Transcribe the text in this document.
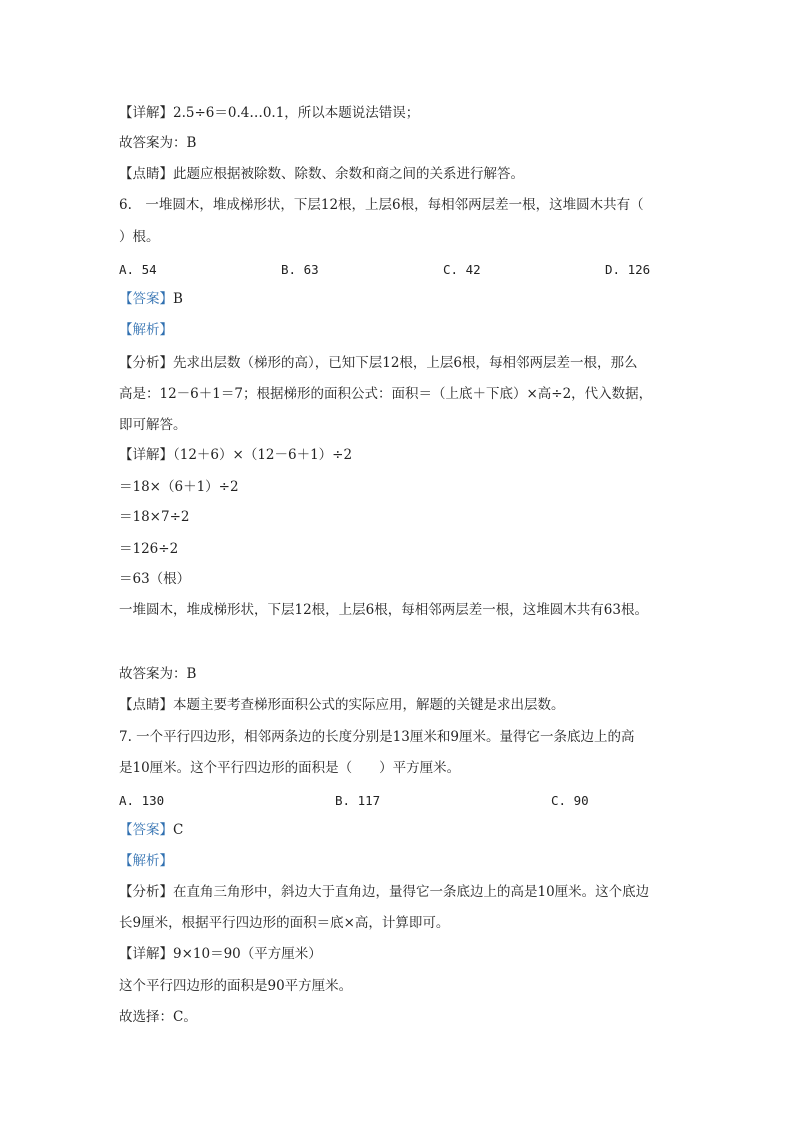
【详解】2.5÷6＝0.4…0.1，所以本题说法错误；
故答案为：B
【点睛】此题应根据被除数、除数、余数和商之间的关系进行解答。
6.　一堆圆木，堆成梯形状，下层12根，上层6根，每相邻两层差一根，这堆圆木共有（
）根。
A. 54	B. 63	C. 42	D. 126
【答案】B
【解析】
【分析】先求出层数（梯形的高），已知下层12根，上层6根，每相邻两层差一根，那么
高是：12－6＋1＝7；根据梯形的面积公式：面积＝（上底＋下底）×高÷2，代入数据，
即可解答。
【详解】（12＋6）×（12－6＋1）÷2
＝18×（6＋1）÷2
＝18×7÷2
＝126÷2
＝63（根）
一堆圆木，堆成梯形状，下层12根，上层6根，每相邻两层差一根，这堆圆木共有63根。
故答案为：B
【点睛】本题主要考查梯形面积公式的实际应用，解题的关键是求出层数。
7. 一个平行四边形，相邻两条边的长度分别是13厘米和9厘米。量得它一条底边上的高
是10厘米。这个平行四边形的面积是（　　）平方厘米。
A. 130	B. 117	C. 90
【答案】C
【解析】
【分析】在直角三角形中，斜边大于直角边，量得它一条底边上的高是10厘米。这个底边
长9厘米，根据平行四边形的面积＝底×高，计算即可。
【详解】9×10＝90（平方厘米）
这个平行四边形的面积是90平方厘米。
故选择：C。
